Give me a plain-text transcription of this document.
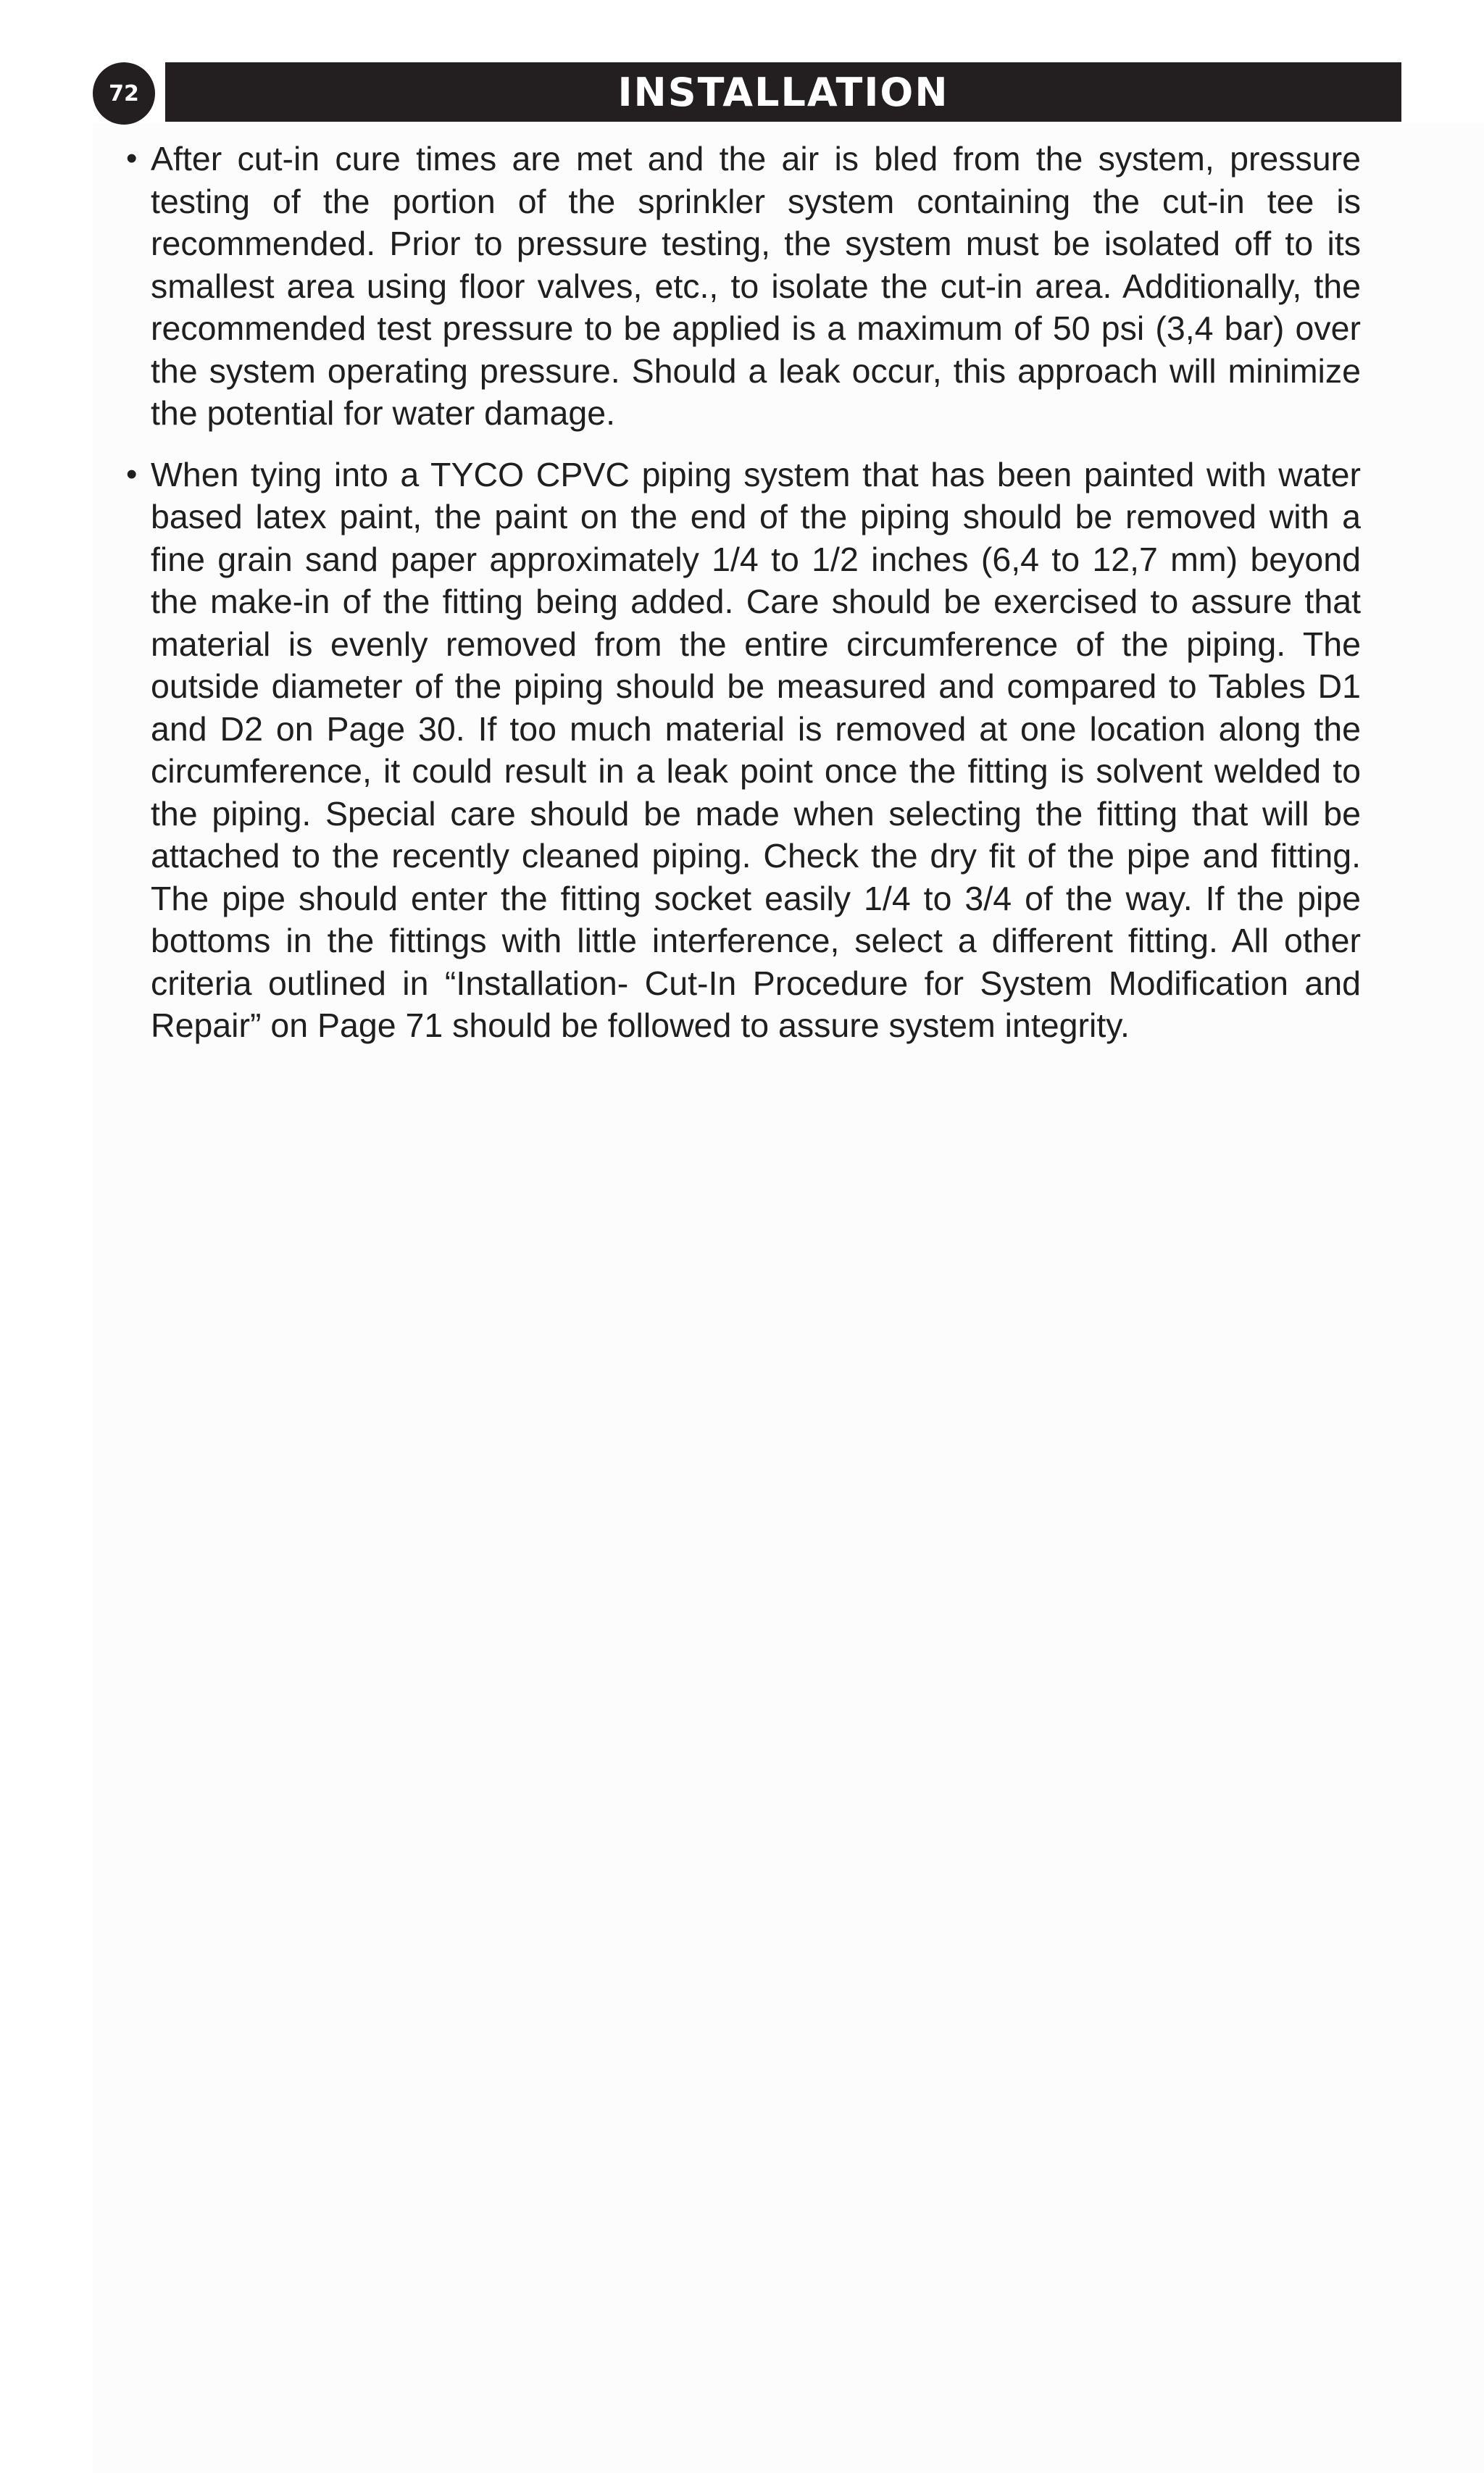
72	INSTALLATION
• After cut-in cure times are met and the air is bled from the system, pressure testing of the portion of the sprinkler system containing the cut-in tee is recommended. Prior to pressure testing, the system must be isolated off to its smallest area using floor valves, etc., to isolate the cut-in area. Additionally, the recommended test pressure to be applied is a maximum of 50 psi (3,4 bar) over the system operating pressure. Should a leak occur, this approach will minimize the potential for water damage.

• When tying into a TYCO CPVC piping system that has been painted with water based latex paint, the paint on the end of the piping should be removed with a fine grain sand paper approximately 1/4 to 1/2 inches (6,4 to 12,7 mm) beyond the make-in of the fitting being added. Care should be exercised to assure that material is evenly removed from the entire circumference of the piping. The outside diameter of the piping should be measured and compared to Tables D1 and D2 on Page 30. If too much material is removed at one location along the circumference, it could result in a leak point once the fitting is solvent welded to the piping. Special care should be made when selecting the fitting that will be attached to the recently cleaned piping. Check the dry fit of the pipe and fitting. The pipe should enter the fitting socket easily 1/4 to 3/4 of the way. If the pipe bottoms in the fittings with little interference, select a different fitting. All other criteria outlined in “Installation- Cut-In Procedure for System Modification and Repair” on Page 71 should be followed to assure system integrity.
